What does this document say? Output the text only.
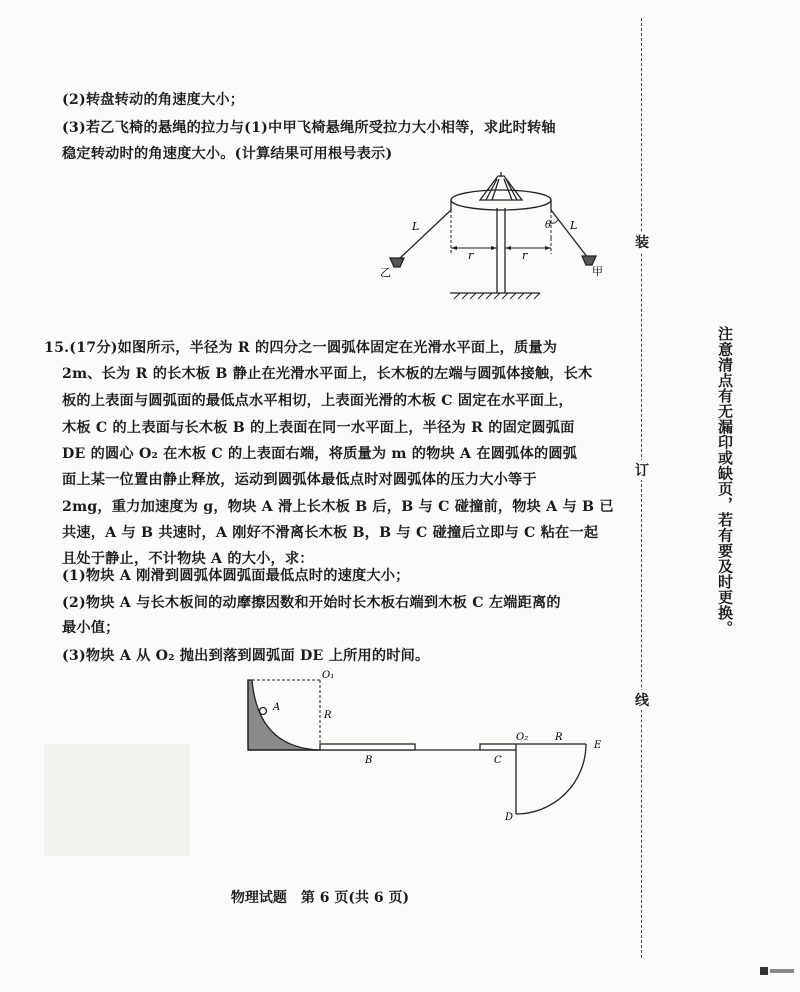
(2)转盘转动的角速度大小；
(3)若乙飞椅的悬绳的拉力与(1)中甲飞椅悬绳所受拉力大小相等，求此时转轴
稳定转动时的角速度大小。(计算结果可用根号表示)
L	L
θ
r	r
乙	甲
15.(17分)如图所示，半径为 R 的四分之一圆弧体固定在光滑水平面上，质量为
2m、长为 R 的长木板 B 静止在光滑水平面上，长木板的左端与圆弧体接触，长木
板的上表面与圆弧面的最低点水平相切，上表面光滑的木板 C 固定在水平面上，
木板 C 的上表面与长木板 B 的上表面在同一水平面上，半径为 R 的固定圆弧面
DE 的圆心 O₂ 在木板 C 的上表面右端，将质量为 m 的物块 A 在圆弧体的圆弧
面上某一位置由静止释放，运动到圆弧体最低点时对圆弧体的压力大小等于
2mg，重力加速度为 g，物块 A 滑上长木板 B 后，B 与 C 碰撞前，物块 A 与 B 已
共速，A 与 B 共速时，A 刚好不滑离长木板 B，B 与 C 碰撞后立即与 C 粘在一起
且处于静止，不计物块 A 的大小，求：
(1)物块 A 刚滑到圆弧体圆弧面最低点时的速度大小；
(2)物块 A 与长木板间的动摩擦因数和开始时长木板右端到木板 C 左端距离的
最小值；
(3)物块 A 从 O₂ 抛出到落到圆弧面 DE 上所用的时间。
O₁
R
A
B	C
O₂	R
E
D
物理试题　第 6 页(共 6 页)
装
订
线
注意清点有无漏印或缺页，若有要及时更换。
